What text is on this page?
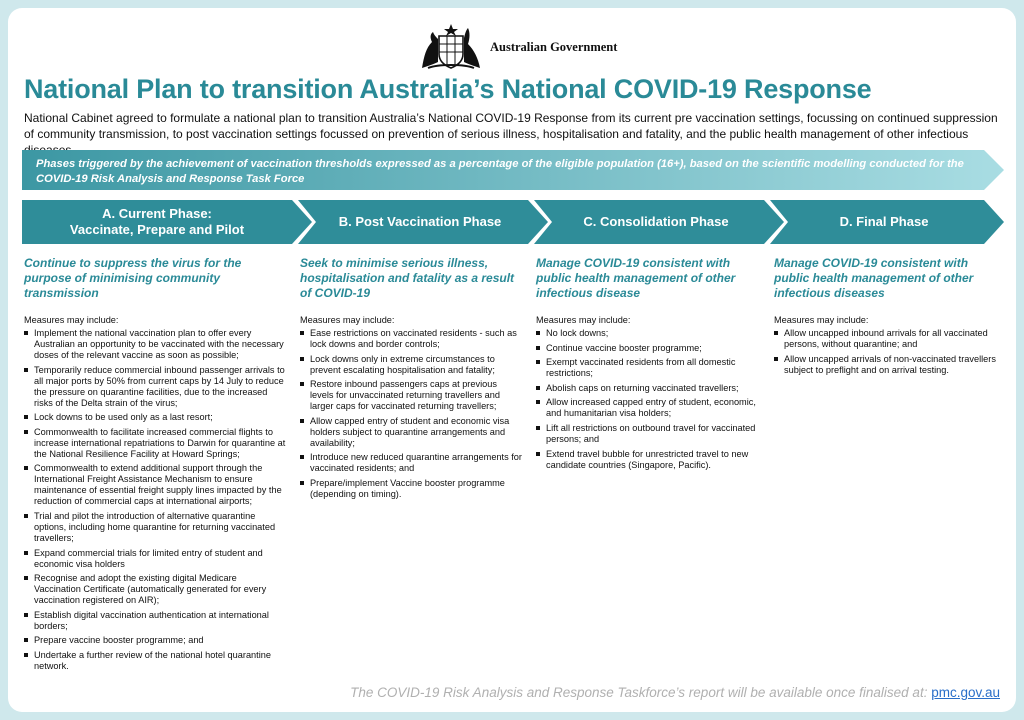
Australian Government
National Plan to transition Australia’s National COVID-19 Response
National Cabinet agreed to formulate a national plan to transition Australia’s National COVID-19 Response from its current pre vaccination settings, focussing on continued suppression of community transmission, to post vaccination settings focussed on prevention of serious illness, hospitalisation and fatality, and the public health management of other infectious
Phases triggered by the achievement of vaccination thresholds expressed as a percentage of the eligible population (16+), based on the scientific modelling conducted for the COVID-19 Risk Analysis and Response Task Force
A. Current Phase:
Vaccinate, Prepare and Pilot
B. Post Vaccination Phase	C. Consolidation Phase	D. Final Phase
Continue to suppress the virus for the purpose of minimising community transmission
Measures may include:
Implement the national vaccination plan to offer every Australian an opportunity to be vaccinated with the necessary doses of the relevant vaccine as soon as possible;
Temporarily reduce commercial inbound passenger arrivals to all major ports by 50% from current caps by 14 July to reduce the pressure on quarantine facilities, due to the increased risks of the Delta strain of the virus;
Lock downs to be used only as a last resort;
Commonwealth to facilitate increased commercial flights to increase international repatriations to Darwin for quarantine at the National Resilience Facility at Howard Springs;
Commonwealth to extend additional support through the International Freight Assistance Mechanism to ensure maintenance of essential freight supply lines impacted by the reduction of commercial caps at international airports;
Trial and pilot the introduction of alternative quarantine options, including home quarantine for returning vaccinated travellers;
Expand commercial trials for limited entry of student and economic visa holders
Recognise and adopt the existing digital Medicare Vaccination Certificate (automatically generated for every vaccination registered on AIR);
Establish digital vaccination authentication at international borders;
Prepare vaccine booster programme; and
Undertake a further review of the national hotel quarantine network.
Seek to minimise serious illness, hospitalisation and fatality as a result of COVID-19
Measures may include:
Ease restrictions on vaccinated residents - such as lock downs and border controls;
Lock downs only in extreme circumstances to prevent escalating hospitalisation and fatality;
Restore inbound passengers caps at previous levels for unvaccinated returning travellers and larger caps for vaccinated returning travellers;
Allow capped entry of student and economic visa holders subject to quarantine arrangements and availability;
Introduce new reduced quarantine arrangements for vaccinated residents; and
Prepare/implement Vaccine booster programme (depending on timing).
Manage COVID-19 consistent with public health management of other infectious disease
Measures may include:
No lock downs;
Continue vaccine booster programme;
Exempt vaccinated residents from all domestic restrictions;
Abolish caps on returning vaccinated travellers;
Allow increased capped entry of student, economic, and humanitarian visa holders;
Lift all restrictions on outbound travel for vaccinated persons; and
Extend travel bubble for unrestricted travel to new candidate countries (Singapore, Pacific).
Manage COVID-19 consistent with public health management of other infectious diseases
Measures may include:
Allow uncapped inbound arrivals for all vaccinated persons, without quarantine; and
Allow uncapped arrivals of non-vaccinated travellers subject to preflight and on arrival testing.
The COVID-19 Risk Analysis and Response Taskforce’s report will be available once finalised at: pmc.gov.au
